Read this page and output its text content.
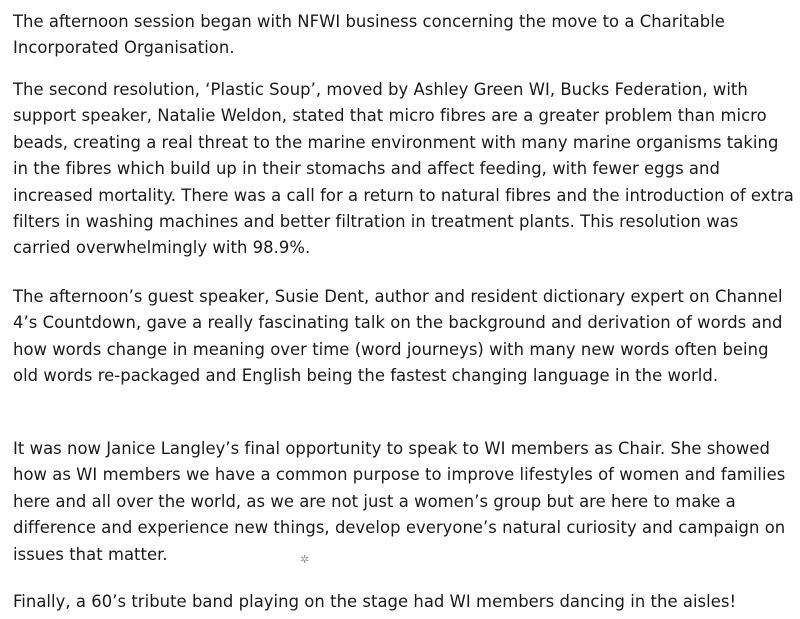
The afternoon session began with NFWI business concerning the move to a Charitable Incorporated Organisation.

The second resolution, ‘Plastic Soup’, moved by Ashley Green WI, Bucks Federation, with support speaker, Natalie Weldon, stated that micro fibres are a greater problem than micro beads, creating a real threat to the marine environment with many marine organisms taking in the fibres which build up in their stomachs and affect feeding, with fewer eggs and increased mortality. There was a call for a return to natural fibres and the introduction of extra filters in washing machines and better filtration in treatment plants. This resolution was carried overwhelmingly with 98.9%.

The afternoon’s guest speaker, Susie Dent, author and resident dictionary expert on Channel 4’s Countdown, gave a really fascinating talk on the background and derivation of words and how words change in meaning over time (word journeys) with many new words often being old words re-packaged and English being the fastest changing language in the world.

It was now Janice Langley’s final opportunity to speak to WI members as Chair. She showed how as WI members we have a common purpose to improve lifestyles of women and families here and all over the world, as we are not just a women’s group but are here to make a difference and experience new things, develop everyone’s natural curiosity and campaign on issues that matter.

Finally, a 60’s tribute band playing on the stage had WI members dancing in the aisles!

✲
